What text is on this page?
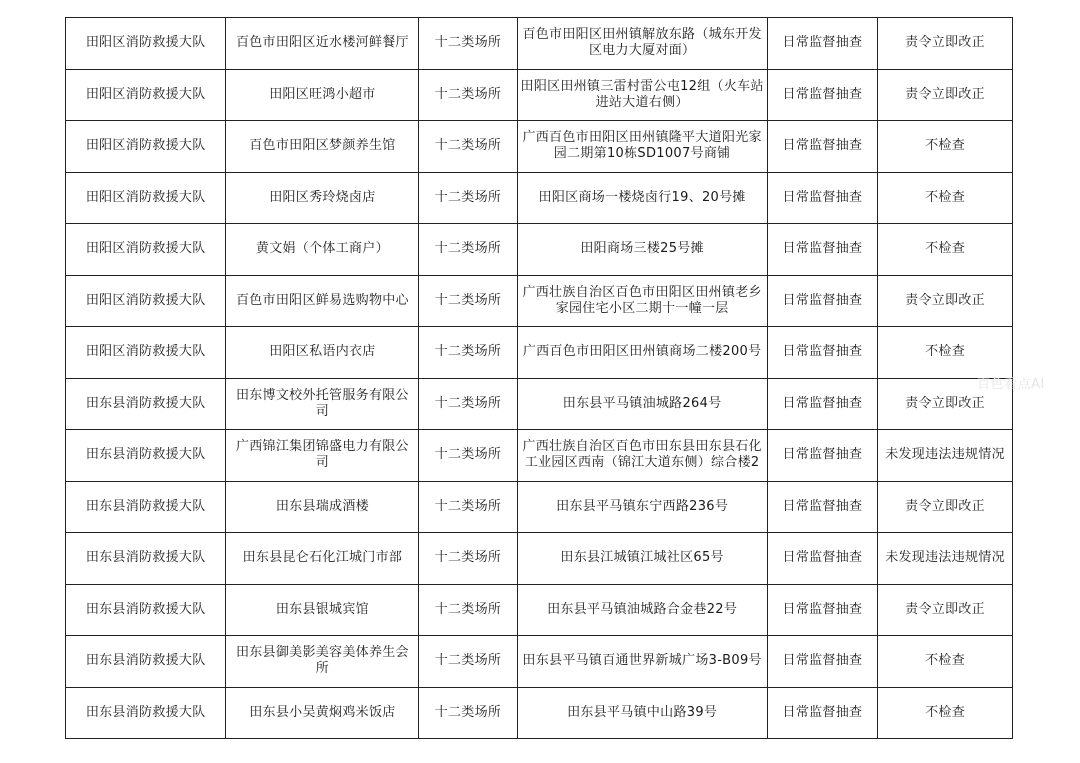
田阳区消防救援大队	百色市田阳区近水楼河鲜餐厅	十二类场所	百色市田阳区田州镇解放东路（城东开发区电力大厦对面）	日常监督抽查	责令立即改正
田阳区消防救援大队	田阳区旺鸿小超市	十二类场所	田阳区田州镇三雷村雷公屯12组（火车站进站大道右侧）	日常监督抽查	责令立即改正
田阳区消防救援大队	百色市田阳区梦颜养生馆	十二类场所	广西百色市田阳区田州镇隆平大道阳光家园二期第10栋SD1007号商铺	日常监督抽查	不检查
田阳区消防救援大队	田阳区秀玲烧卤店	十二类场所	田阳区商场一楼烧卤行19、20号摊	日常监督抽查	不检查
田阳区消防救援大队	黄文娟（个体工商户）	十二类场所	田阳商场三楼25号摊	日常监督抽查	不检查
田阳区消防救援大队	百色市田阳区鲜易选购物中心	十二类场所	广西壮族自治区百色市田阳区田州镇老乡家园住宅小区二期十一幢一层	日常监督抽查	责令立即改正
田阳区消防救援大队	田阳区私语内衣店	十二类场所	广西百色市田阳区田州镇商场二楼200号	日常监督抽查	不检查
田东县消防救援大队	田东博文校外托管服务有限公司	十二类场所	田东县平马镇油城路264号	日常监督抽查	责令立即改正
田东县消防救援大队	广西锦江集团锦盛电力有限公司	十二类场所	广西壮族自治区百色市田东县田东县石化工业园区西南（锦江大道东侧）综合楼2	日常监督抽查	未发现违法违规情况
田东县消防救援大队	田东县瑞成酒楼	十二类场所	田东县平马镇东宁西路236号	日常监督抽查	责令立即改正
田东县消防救援大队	田东县昆仑石化江城门市部	十二类场所	田东县江城镇江城社区65号	日常监督抽查	未发现违法违规情况
田东县消防救援大队	田东县银城宾馆	十二类场所	田东县平马镇油城路合金巷22号	日常监督抽查	责令立即改正
田东县消防救援大队	田东县御美影美容美体养生会所	十二类场所	田东县平马镇百通世界新城广场3-B09号	日常监督抽查	不检查
田东县消防救援大队	田东县小吴黄焖鸡米饭店	十二类场所	田东县平马镇中山路39号	日常监督抽查	不检查
百色看点AI
